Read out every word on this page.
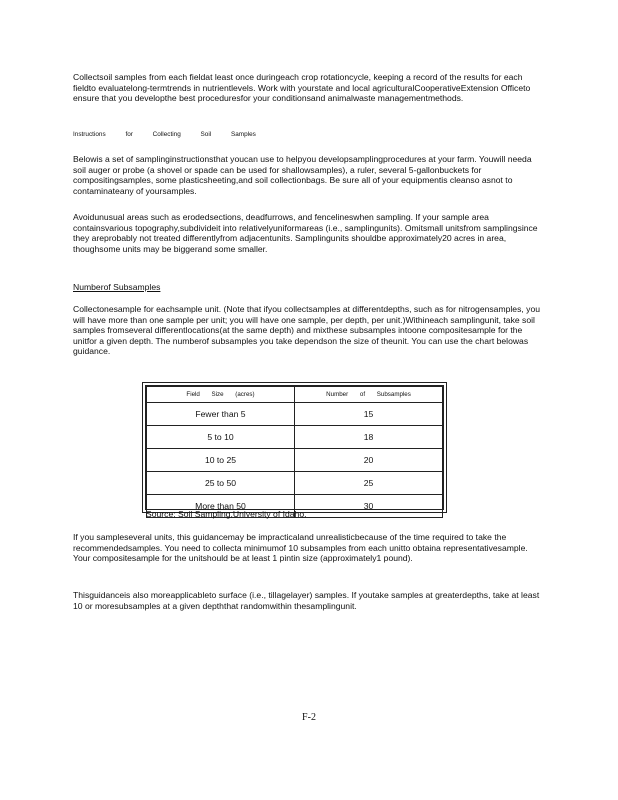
Collectsoil samples from each fieldat least once duringeach crop rotationcycle, keeping a record of the results for each fieldto evaluatelong-termtrends in nutrientlevels. Work with yourstate and local agriculturalCooperativeExtension Officeto ensure that you developthe best proceduresfor your conditionsand animalwaste managementmethods.

Instructions for Collecting Soil Samples

Belowis a set of samplinginstructionsthat youcan use to helpyou developsamplingprocedures at your farm. Youwill needa soil auger or probe (a shovel or spade can be used for shallowsamples), a ruler, several 5-gallonbuckets for compositingsamples, some plasticsheeting,and soil collectionbags. Be sure all of your equipmentis cleanso asnot to contaminateany of yoursamples.

Avoidunusual areas such as erodedsections, deadfurrows, and fencelineswhen sampling. If your sample area containsvarious topography,subdivideit into relativelyuniformareas (i.e., samplingunits). Omitsmall unitsfrom samplingsince they areprobably not treated differentlyfrom adjacentunits. Samplingunits shouldbe approximately20 acres in area, thoughsome units may be biggerand some smaller.

Numberof Subsamples

Collectonesample for eachsample unit. (Note that ifyou collectsamples at differentdepths, such as for nitrogensamples, you will have more than one sample per unit; you will have one sample, per depth, per unit.)Withineach samplingunit, take soil samples fromseveral differentlocations(at the same depth) and mixthese subsamples intoone compositesample for the unitfor a given depth. The numberof subsamples you take dependson the size of theunit. You can use the chart belowas guidance.

Field Size (acres)	Number of Subsamples
Fewer than 5	15
5 to 10	18
10 to 25	20
25 to 50	25
More than 50	30

Source: Soil Sampling,University of Idaho.

If you sampleseveral units, this guidancemay be impracticaland unrealisticbecause of the time required to take the recommendedsamples. You need to collecta minimumof 10 subsamples from each unitto obtaina representativesample. Your compositesample for the unitshould be at least 1 pintin size (approximately1 pound).

Thisguidanceis also moreapplicableto surface (i.e., tillagelayer) samples. If youtake samples at greaterdepths, take at least 10 or moresubsamples at a given depththat randomwithin thesamplingunit.

F-2
